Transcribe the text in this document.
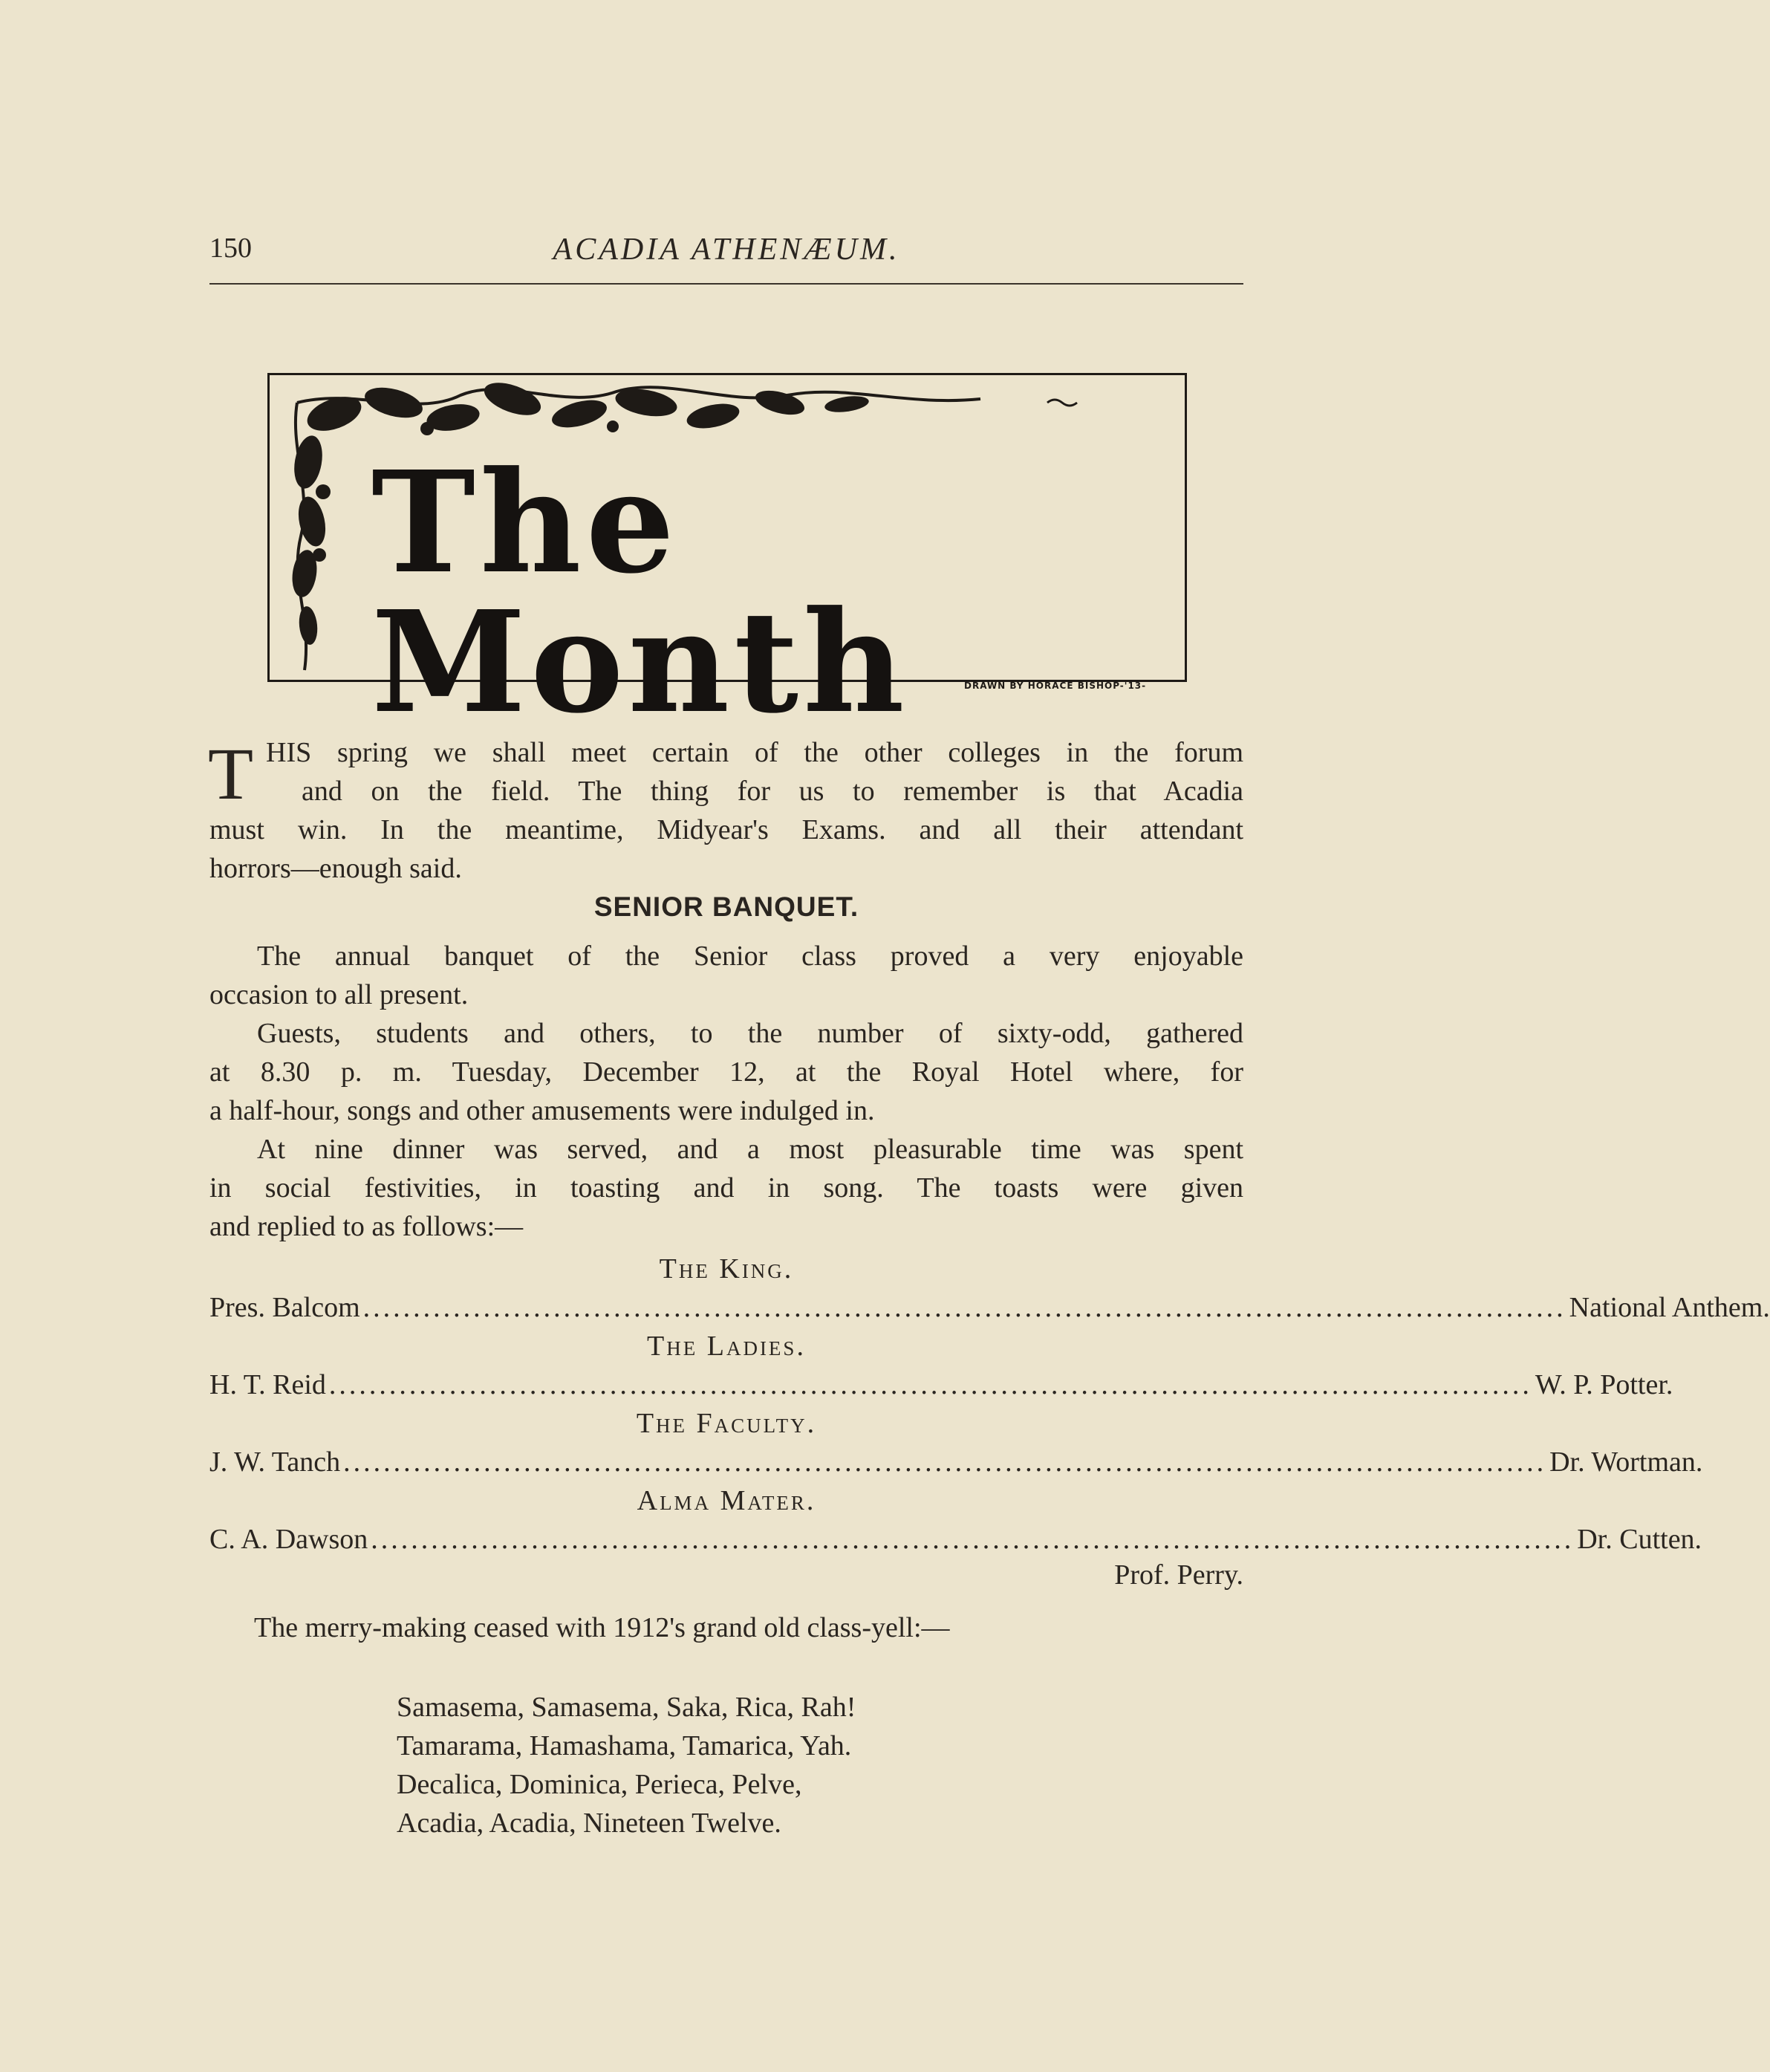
150	ACADIA ATHENÆUM.
The Month	DRAWN BY HORACE BISHOP-'13-
T HIS spring we shall meet certain of the other colleges in the forum
and on the field. The thing for us to remember is that Acadia
must win. In the meantime, Midyear's Exams. and all their attendant
horrors—enough said.
SENIOR BANQUET.
The annual banquet of the Senior class proved a very enjoyable
occasion to all present.
Guests, students and others, to the number of sixty-odd, gathered
at 8.30 p. m. Tuesday, December 12, at the Royal Hotel where, for
a half-hour, songs and other amusements were indulged in.
At nine dinner was served, and a most pleasurable time was spent
in social festivities, in toasting and in song. The toasts were given
and replied to as follows:—
The King.
Pres. Balcom ........................................................................................................................ National Anthem.
The Ladies.
H. T. Reid ........................................................................................................................ W. P. Potter.
The Faculty.
J. W. Tanch ........................................................................................................................ Dr. Wortman.
Alma Mater.
C. A. Dawson ........................................................................................................................ Dr. Cutten.
Prof. Perry.
The merry-making ceased with 1912's grand old class-yell:—
Samasema, Samasema, Saka, Rica, Rah!
Tamarama, Hamashama, Tamarica, Yah.
Decalica, Dominica, Perieca, Pelve,
Acadia, Acadia, Nineteen Twelve.
